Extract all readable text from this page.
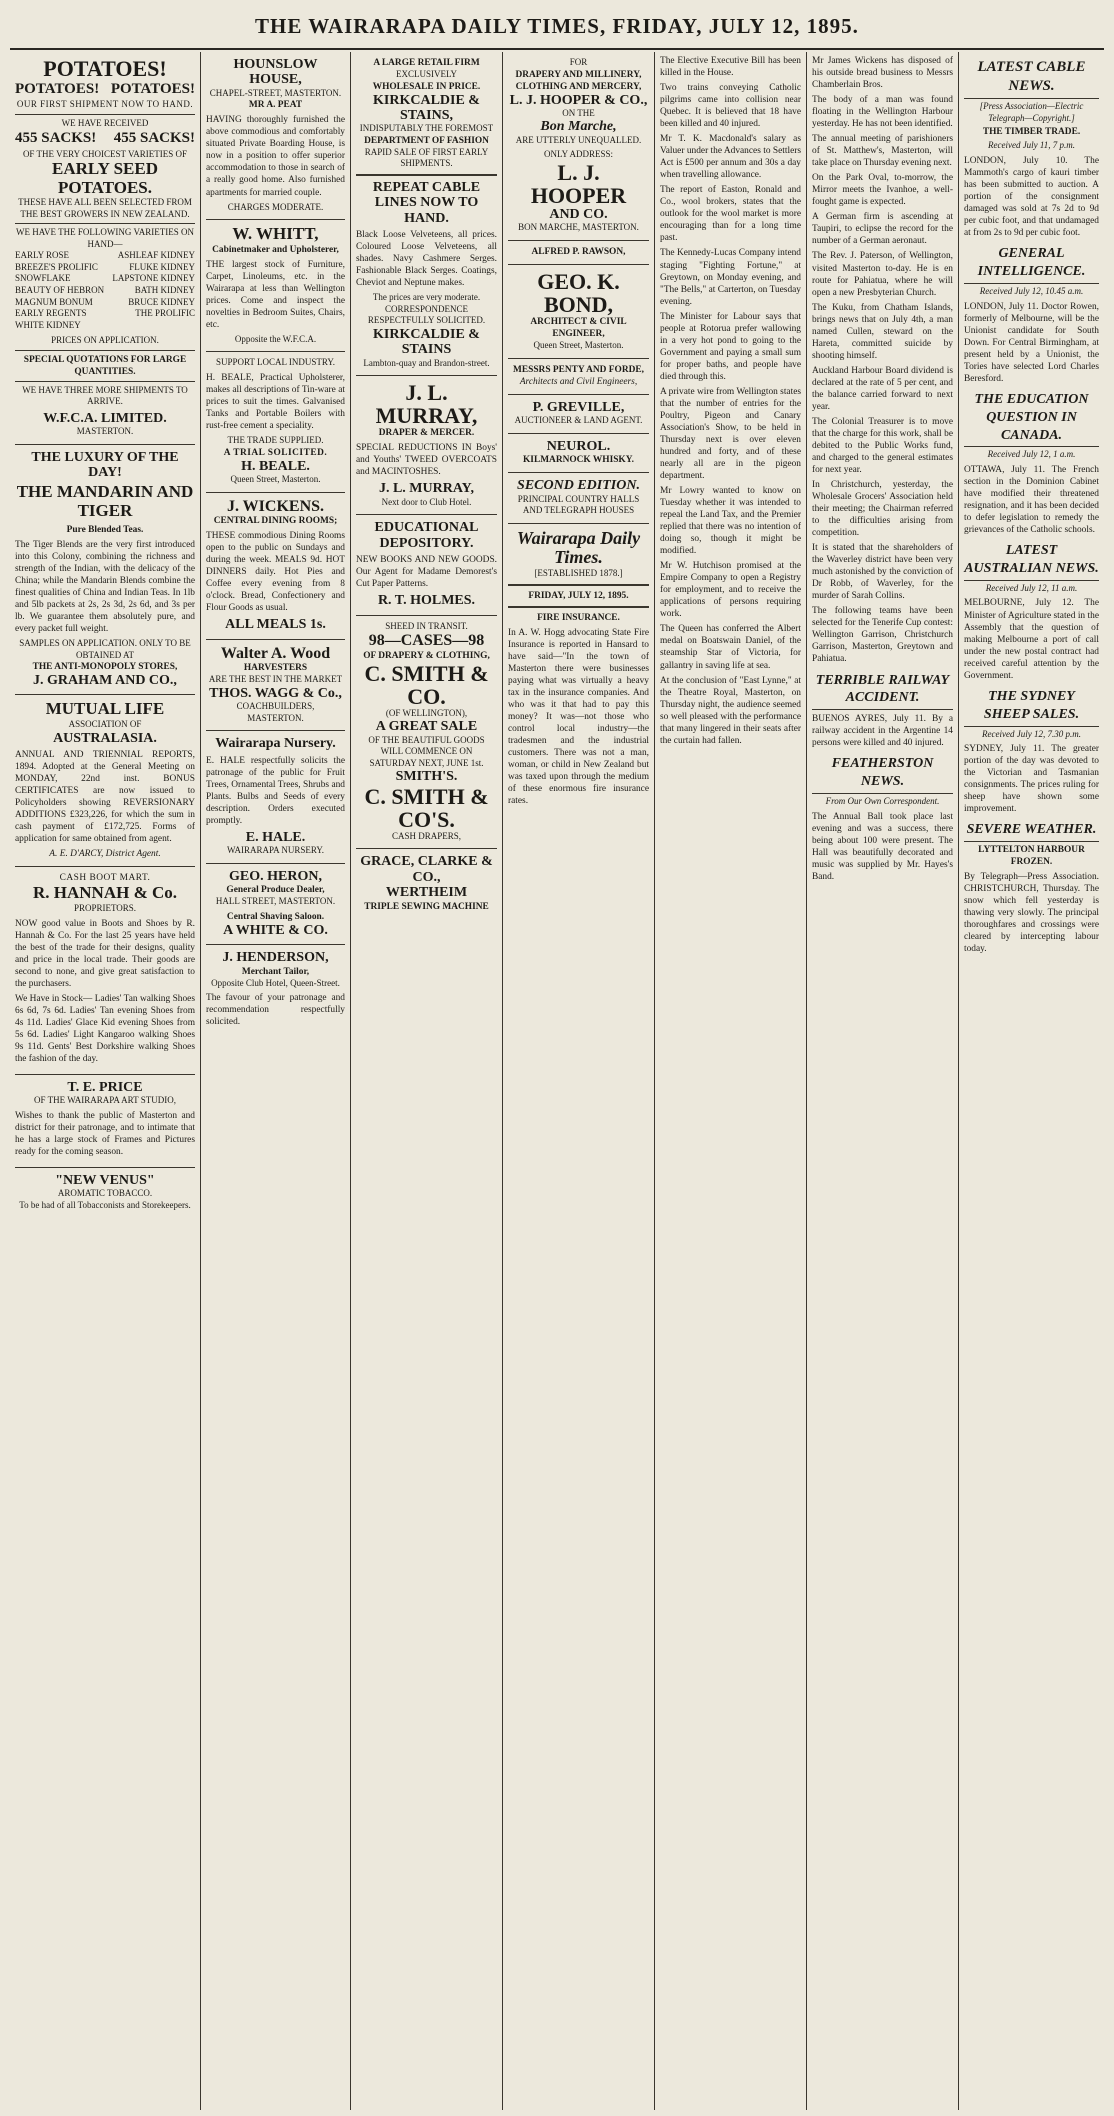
THE WAIRARAPA DAILY TIMES, FRIDAY, JULY 12, 1895.
POTATOES!
POTATOES! POTATOES!
OUR FIRST SHIPMENT NOW TO HAND.
WE HAVE RECEIVED
455 SACKS! 455 SACKS!
OF THE VERY CHOICEST VARIETIES OF
EARLY SEED POTATOES.
THESE HAVE ALL BEEN SELECTED FROM THE BEST GROWERS IN NEW ZEALAND.
WE HAVE THE FOLLOWING VARIETIES ON HAND—
EARLY ROSE	ASHLEAF KIDNEY
BREEZE'S PROLIFIC	FLUKE KIDNEY
SNOWFLAKE	LAPSTONE KIDNEY
BEAUTY OF HEBRON	BATH KIDNEY
MAGNUM BONUM	BRUCE KIDNEY
EARLY REGENTS	THE PROLIFIC
WHITE KIDNEY
PRICES ON APPLICATION.
SPECIAL QUOTATIONS FOR LARGE QUANTITIES.
WE HAVE THREE MORE SHIPMENTS TO ARRIVE.
W.F.C.A. LIMITED.
MASTERTON.
THE LUXURY OF THE DAY!
THE MANDARIN AND TIGER
Pure Blended Teas.

The Tiger Blends are the very first introduced into this Colony, combining the richness and strength of the Indian, with the delicacy of the China; while the Mandarin Blends combine the finest qualities of China and Indian Teas. In 1lb and 5lb packets at 2s, 2s 3d, 2s 6d, and 3s per lb. We guarantee them absolutely pure, and every packet full weight.

SAMPLES ON APPLICATION. ONLY TO BE OBTAINED AT
THE ANTI-MONOPOLY STORES,
J. GRAHAM AND CO.,
MUTUAL LIFE
ASSOCIATION OF
AUSTRALASIA.

ANNUAL AND TRIENNIAL REPORTS, 1894. Adopted at the General Meeting on MONDAY, 22nd inst. BONUS CERTIFICATES are now issued to Policyholders showing REVERSIONARY ADDITIONS £323,226, for which the sum in cash payment of £172,725. Forms of application for same obtained from agent.

A. E. D'ARCY, District Agent.
CASH BOOT MART.
R. HANNAH & Co.
PROPRIETORS.

NOW good value in Boots and Shoes by R. Hannah & Co. For the last 25 years have held the best of the trade for their designs, quality and price in the local trade. Their goods are second to none, and give great satisfaction to the purchasers.

We Have in Stock— Ladies' Tan walking Shoes 6s 6d, 7s 6d. Ladies' Tan evening Shoes from 4s 11d. Ladies' Glace Kid evening Shoes from 5s 6d. Ladies' Light Kangaroo walking Shoes 9s 11d. Gents' Best Dorkshire walking Shoes the fashion of the day.

T. E. PRICE
OF THE WAIRARAPA ART STUDIO,

Wishes to thank the public of Masterton and district for their patronage, and to intimate that he has a large stock of Frames and Pictures ready for the coming season.

"NEW VENUS"
AROMATIC TOBACCO.
To be had of all Tobacconists and Storekeepers.
HOUNSLOW HOUSE,
CHAPEL-STREET, MASTERTON.
MR A. PEAT

HAVING thoroughly furnished the above commodious and comfortably situated Private Boarding House, is now in a position to offer superior accommodation to those in search of a really good home. Also furnished apartments for married couple.

CHARGES MODERATE.
W. WHITT,
Cabinetmaker and Upholsterer,

THE largest stock of Furniture, Carpet, Linoleums, etc. in the Wairarapa at less than Wellington prices. Come and inspect the novelties in Bedroom Suites, Chairs, etc.

Opposite the W.F.C.A.
SUPPORT LOCAL INDUSTRY.

H. BEALE, Practical Upholsterer, makes all descriptions of Tin-ware at prices to suit the times. Galvanised Tanks and Portable Boilers with rust-free cement a speciality.

THE TRADE SUPPLIED.
A TRIAL SOLICITED.
H. BEALE.
Queen Street, Masterton.
J. WICKENS.
CENTRAL DINING ROOMS;

THESE commodious Dining Rooms open to the public on Sundays and during the week. MEALS 9d. HOT DINNERS daily. Hot Pies and Coffee every evening from 8 o'clock. Bread, Confectionery and Flour Goods as usual.

ALL MEALS 1s.
Walter A. Wood
HARVESTERS
ARE THE BEST IN THE MARKET
THOS. WAGG & Co.,
COACHBUILDERS,
MASTERTON.
Wairarapa Nursery.

E. HALE respectfully solicits the patronage of the public for Fruit Trees, Ornamental Trees, Shrubs and Plants. Bulbs and Seeds of every description. Orders executed promptly.

E. HALE.
WAIRARAPA NURSERY.
GEO. HERON,
General Produce Dealer,
HALL STREET, MASTERTON.
Central Shaving Saloon.
A WHITE & CO.
J. HENDERSON,
Merchant Tailor,
Opposite Club Hotel, Queen-Street.

The favour of your patronage and recommendation respectfully solicited.

A LARGE RETAIL FIRM
EXCLUSIVELY
WHOLESALE IN PRICE.
KIRKCALDIE & STAINS,
INDISPUTABLY THE FOREMOST
DEPARTMENT OF FASHION
RAPID SALE OF FIRST EARLY SHIPMENTS.
REPEAT CABLE LINES NOW TO HAND.

Black Loose Velveteens, all prices. Coloured Loose Velveteens, all shades. Navy Cashmere Serges. Fashionable Black Serges. Coatings, Cheviot and Neptune makes.

The prices are very moderate.
CORRESPONDENCE RESPECTFULLY SOLICITED.
KIRKCALDIE & STAINS
Lambton-quay and Brandon-street.
J. L. MURRAY,
DRAPER & MERCER.

SPECIAL REDUCTIONS IN Boys' and Youths' TWEED OVERCOATS and MACINTOSHES.

J. L. MURRAY,
Next door to Club Hotel.
EDUCATIONAL DEPOSITORY.

NEW BOOKS AND NEW GOODS. Our Agent for Madame Demorest's Cut Paper Patterns.

R. T. HOLMES.
SHEED IN TRANSIT.
98—CASES—98
OF DRAPERY & CLOTHING,
C. SMITH & CO.
(OF WELLINGTON),
A GREAT SALE
OF THE BEAUTIFUL GOODS
WILL COMMENCE ON SATURDAY NEXT, JUNE 1st.
SMITH'S.
C. SMITH & CO'S.
CASH DRAPERS,
GRACE, CLARKE & CO.,
WERTHEIM
TRIPLE SEWING MACHINE
FOR
DRAPERY AND MILLINERY,
CLOTHING AND MERCERY,
L. J. HOOPER & CO.,
ON THE
Bon Marche,
ARE UTTERLY UNEQUALLED.
ONLY ADDRESS:
L. J. HOOPER
AND CO.
BON MARCHE, MASTERTON.
ALFRED P. RAWSON,
GEO. K. BOND,
ARCHITECT & CIVIL ENGINEER,
Queen Street, Masterton.
MESSRS PENTY AND FORDE,
Architects and Civil Engineers,
P. GREVILLE,
AUCTIONEER & LAND AGENT.
NEUROL.
KILMARNOCK WHISKY.
SECOND EDITION.
PRINCIPAL COUNTRY HALLS AND TELEGRAPH HOUSES
Wairarapa Daily Times.
[ESTABLISHED 1878.]
FRIDAY, JULY 12, 1895.
FIRE INSURANCE.

In A. W. Hogg advocating State Fire Insurance is reported in Hansard to have said—"In the town of Masterton there were businesses paying what was virtually a heavy tax in the insurance companies. And who was it that had to pay this money? It was—not those who control local industry—the tradesmen and the industrial customers. There was not a man, woman, or child in New Zealand but was taxed upon through the medium of these enormous fire insurance rates.

The Elective Executive Bill has been killed in the House.

Two trains conveying Catholic pilgrims came into collision near Quebec. It is believed that 18 have been killed and 40 injured.

Mr T. K. Macdonald's salary as Valuer under the Advances to Settlers Act is £500 per annum and 30s a day when travelling allowance.

The report of Easton, Ronald and Co., wool brokers, states that the outlook for the wool market is more encouraging than for a long time past.

The Kennedy-Lucas Company intend staging "Fighting Fortune," at Greytown, on Monday evening, and "The Bells," at Carterton, on Tuesday evening.

The Minister for Labour says that people at Rotorua prefer wallowing in a very hot pond to going to the Government and paying a small sum for proper baths, and people have died through this.

A private wire from Wellington states that the number of entries for the Poultry, Pigeon and Canary Association's Show, to be held in Thursday next is over eleven hundred and forty, and of these nearly all are in the pigeon department.

Mr Lowry wanted to know on Tuesday whether it was intended to repeal the Land Tax, and the Premier replied that there was no intention of doing so, though it might be modified.

Mr W. Hutchison promised at the Empire Company to open a Registry for employment, and to receive the applications of persons requiring work.

The Queen has conferred the Albert medal on Boatswain Daniel, of the steamship Star of Victoria, for gallantry in saving life at sea.

At the conclusion of "East Lynne," at the Theatre Royal, Masterton, on Thursday night, the audience seemed so well pleased with the performance that many lingered in their seats after the curtain had fallen.

Mr James Wickens has disposed of his outside bread business to Messrs Chamberlain Bros.

The body of a man was found floating in the Wellington Harbour yesterday. He has not been identified.

The annual meeting of parishioners of St. Matthew's, Masterton, will take place on Thursday evening next.

On the Park Oval, to-morrow, the Mirror meets the Ivanhoe, a well-fought game is expected.

A German firm is ascending at Taupiri, to eclipse the record for the number of a German aeronaut.

The Rev. J. Paterson, of Wellington, visited Masterton to-day. He is en route for Pahiatua, where he will open a new Presbyterian Church.

The Kuku, from Chatham Islands, brings news that on July 4th, a man named Cullen, steward on the Hareta, committed suicide by shooting himself.

Auckland Harbour Board dividend is declared at the rate of 5 per cent, and the balance carried forward to next year.

The Colonial Treasurer is to move that the charge for this work, shall be debited to the Public Works fund, and charged to the general estimates for next year.

In Christchurch, yesterday, the Wholesale Grocers' Association held their meeting; the Chairman referred to the difficulties arising from competition.

It is stated that the shareholders of the Waverley district have been very much astonished by the conviction of Dr Robb, of Waverley, for the murder of Sarah Collins.

The following teams have been selected for the Tenerife Cup contest: Wellington Garrison, Christchurch Garrison, Masterton, Greytown and Pahiatua.

TERRIBLE RAILWAY ACCIDENT.

BUENOS AYRES, July 11. By a railway accident in the Argentine 14 persons were killed and 40 injured.

FEATHERSTON NEWS.
From Our Own Correspondent.

The Annual Ball took place last evening and was a success, there being about 100 were present. The Hall was beautifully decorated and music was supplied by Mr. Hayes's Band.

LATEST CABLE NEWS.
[Press Association—Electric Telegraph—Copyright.]
THE TIMBER TRADE.
Received July 11, 7 p.m.

LONDON, July 10. The Mammoth's cargo of kauri timber has been submitted to auction. A portion of the consignment damaged was sold at 7s 2d to 9d per cubic foot, and that undamaged at from 2s to 9d per cubic foot.

GENERAL INTELLIGENCE.
Received July 12, 10.45 a.m.

LONDON, July 11. Doctor Rowen, formerly of Melbourne, will be the Unionist candidate for South Down. For Central Birmingham, at present held by a Unionist, the Tories have selected Lord Charles Beresford.

THE EDUCATION QUESTION IN CANADA.
Received July 12, 1 a.m.

OTTAWA, July 11. The French section in the Dominion Cabinet have modified their threatened resignation, and it has been decided to defer legislation to remedy the grievances of the Catholic schools.

LATEST AUSTRALIAN NEWS.
Received July 12, 11 a.m.

MELBOURNE, July 12. The Minister of Agriculture stated in the Assembly that the question of making Melbourne a port of call under the new postal contract had received careful attention by the Government.

THE SYDNEY SHEEP SALES.
Received July 12, 7.30 p.m.

SYDNEY, July 11. The greater portion of the day was devoted to the Victorian and Tasmanian consignments. The prices ruling for sheep have shown some improvement.

SEVERE WEATHER.
LYTTELTON HARBOUR FROZEN.

By Telegraph—Press Association. CHRISTCHURCH, Thursday. The snow which fell yesterday is thawing very slowly. The principal thoroughfares and crossings were cleared by intercepting labour today.
